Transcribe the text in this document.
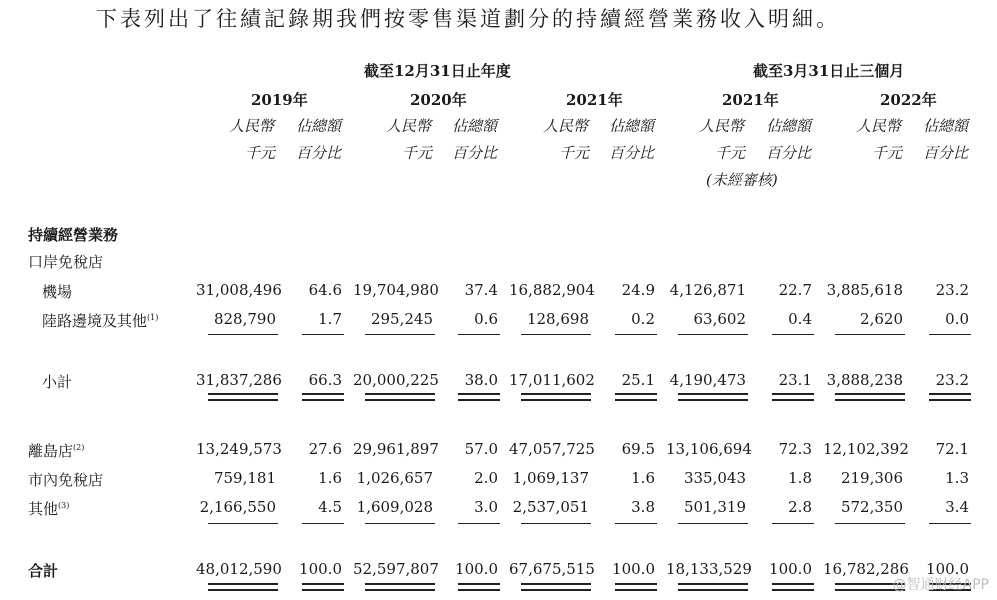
下表列出了往績記錄期我們按零售渠道劃分的持續經營業務收入明細。
截至12月31日止年度	截至3月31日止三個月
2019年	2020年	2021年	2021年	2022年
人民幣 佔總額	人民幣 佔總額	人民幣 佔總額	人民幣 佔總額	人民幣 佔總額
千元 百分比	千元 百分比	千元 百分比	千元 百分比	千元 百分比
(未經審核)
持續經營業務
口岸免稅店
機場	31,008,496	64.6 19,704,980	37.4 16,882,904	24.9 4,126,871	22.7 3,885,618	23.2
陸路邊境及其他$^{(1)}$	828,790	1.7	295,245	0.6	128,698	0.2	63,602	0.4	2,620	0.0
小計	31,837,286	66.3 20,000,225	38.0 17,011,602	25.1 4,190,473	23.1 3,888,238	23.2
離島店$^{(2)}$	13,249,573	27.6 29,961,897	57.0 47,057,725	69.5 13,106,694	72.3 12,102,392	72.1
市內免稅店	759,181	1.6 1,026,657	2.0 1,069,137	1.6	335,043	1.8	219,306	1.3
其他$^{(3)}$	2,166,550	4.5 1,609,028	3.0 2,537,051	3.8	501,319	2.8	572,350	3.4
合計	48,012,590	100.0 52,597,807	100.0 67,675,515	100.0 18,133,529	100.0 16,782,286	100.0
@智通财经APP
